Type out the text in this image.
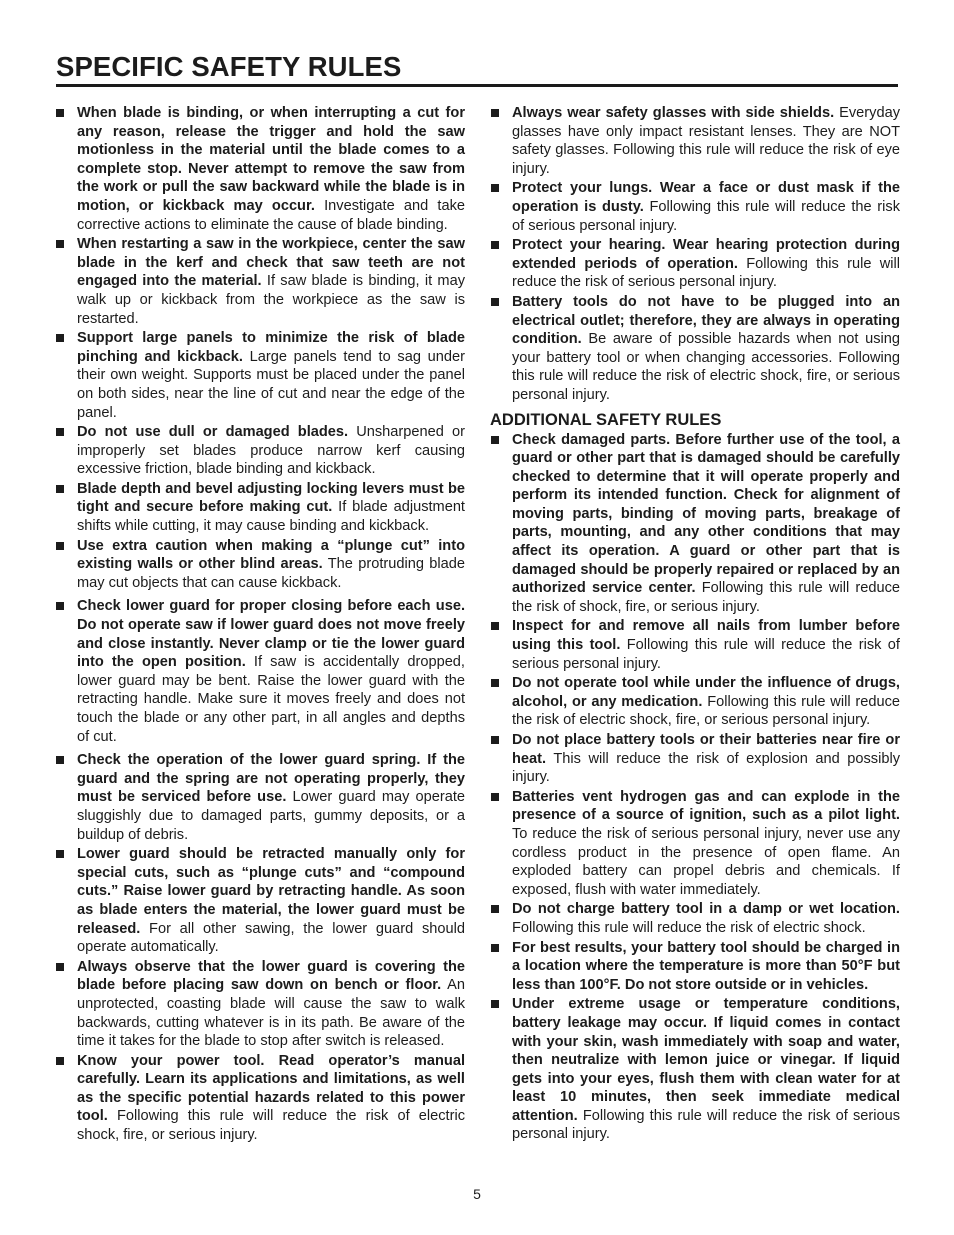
SPECIFIC SAFETY RULES
When blade is binding, or when interrupting a cut for any reason, release the trigger and hold the saw motionless in the material until the blade comes to a complete stop. Never attempt to remove the saw from the work or pull the saw backward while the blade is in motion, or kickback may occur. Investigate and take corrective actions to eliminate the cause of blade binding.
When restarting a saw in the workpiece, center the saw blade in the kerf and check that saw teeth are not engaged into the material. If saw blade is binding, it may walk up or kickback from the workpiece as the saw is restarted.
Support large panels to minimize the risk of blade pinching and kickback. Large panels tend to sag under their own weight. Supports must be placed under the panel on both sides, near the line of cut and near the edge of the panel.
Do not use dull or damaged blades. Unsharpened or improperly set blades produce narrow kerf causing excessive friction, blade binding and kickback.
Blade depth and bevel adjusting locking levers must be tight and secure before making cut. If blade adjustment shifts while cutting, it may cause binding and kickback.
Use extra caution when making a “plunge cut” into existing walls or other blind areas. The protruding blade may cut objects that can cause kickback.
Check lower guard for proper closing before each use. Do not operate saw if lower guard does not move freely and close instantly. Never clamp or tie the lower guard into the open position. If saw is accidentally dropped, lower guard may be bent. Raise the lower guard with the retracting handle. Make sure it moves freely and does not touch the blade or any other part, in all angles and depths of cut.
Check the operation of the lower guard spring. If the guard and the spring are not operating properly, they must be serviced before use. Lower guard may operate sluggishly due to damaged parts, gummy deposits, or a buildup of debris.
Lower guard should be retracted manually only for special cuts, such as “plunge cuts” and “compound cuts.” Raise lower guard by retracting handle. As soon as blade enters the material, the lower guard must be released. For all other sawing, the lower guard should operate automatically.
Always observe that the lower guard is covering the blade before placing saw down on bench or floor. An unprotected, coasting blade will cause the saw to walk backwards, cutting whatever is in its path. Be aware of the time it takes for the blade to stop after switch is released.
Know your power tool. Read operator’s manual carefully. Learn its applications and limitations, as well as the specific potential hazards related to this power tool. Following this rule will reduce the risk of electric shock, fire, or serious injury.
Always wear safety glasses with side shields. Everyday glasses have only impact resistant lenses. They are NOT safety glasses. Following this rule will reduce the risk of eye injury.
Protect your lungs. Wear a face or dust mask if the operation is dusty. Following this rule will reduce the risk of serious personal injury.
Protect your hearing. Wear hearing protection during extended periods of operation. Following this rule will reduce the risk of serious personal injury.
Battery tools do not have to be plugged into an electrical outlet; therefore, they are always in operating condition. Be aware of possible hazards when not using your battery tool or when changing accessories. Following this rule will reduce the risk of electric shock, fire, or serious personal injury.
ADDITIONAL SAFETY RULES
Check damaged parts. Before further use of the tool, a guard or other part that is damaged should be carefully checked to determine that it will operate properly and perform its intended function. Check for alignment of moving parts, binding of moving parts, breakage of parts, mounting, and any other conditions that may affect its operation. A guard or other part that is damaged should be properly repaired or replaced by an authorized service center. Following this rule will reduce the risk of shock, fire, or serious injury.
Inspect for and remove all nails from lumber before using this tool. Following this rule will reduce the risk of serious personal injury.
Do not operate tool while under the influence of drugs, alcohol, or any medication. Following this rule will reduce the risk of electric shock, fire, or serious personal injury.
Do not place battery tools or their batteries near fire or heat. This will reduce the risk of explosion and possibly injury.
Batteries vent hydrogen gas and can explode in the presence of a source of ignition, such as a pilot light. To reduce the risk of serious personal injury, never use any cordless product in the presence of open flame. An exploded battery can propel debris and chemicals. If exposed, flush with water immediately.
Do not charge battery tool in a damp or wet location. Following this rule will reduce the risk of electric shock.
For best results, your battery tool should be charged in a location where the temperature is more than 50°F but less than 100°F. Do not store outside or in vehicles.
Under extreme usage or temperature conditions, battery leakage may occur. If liquid comes in contact with your skin, wash immediately with soap and water, then neutralize with lemon juice or vinegar. If liquid gets into your eyes, flush them with clean water for at least 10 minutes, then seek immediate medical attention. Following this rule will reduce the risk of serious personal injury.
5
